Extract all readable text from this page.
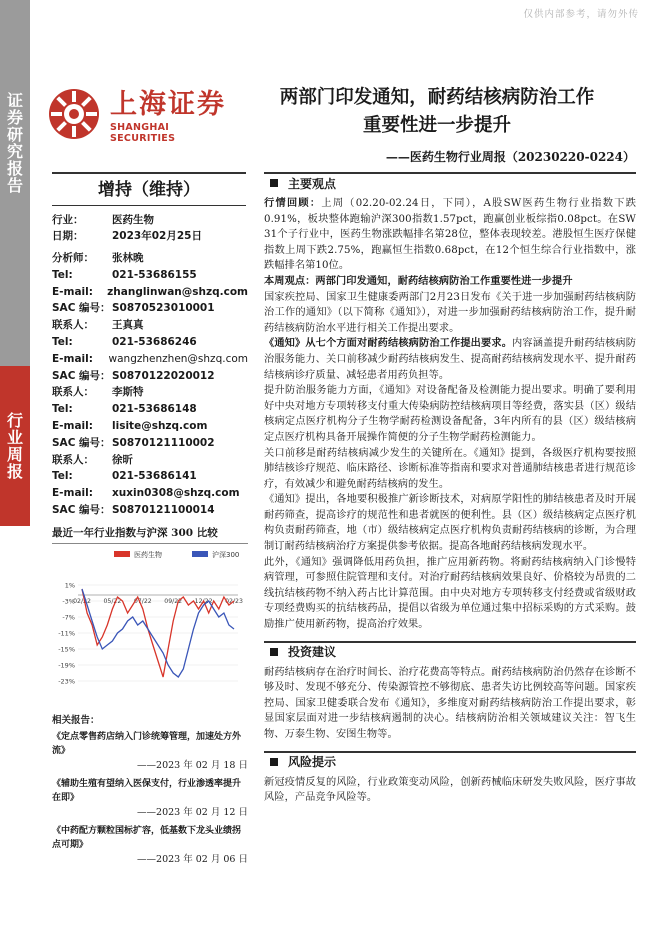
仅供内部参考，请勿外传
证
券
研
究
报
告
行
业
周
报
上海证券
SHANGHAI SECURITIES
两部门印发通知，耐药结核病防治工作
重要性进一步提升
——医药生物行业周报（20230220-0224）
增持（维持）
行业：	医药生物
日期：	2023年02月25日
分析师：	张林晚
Tel:	021-53686155
E-mail:	zhanglinwan@shzq.com
SAC 编号： S0870523010001
联系人：	王真真
Tel:	021-53686246
E-mail:	wangzhenzhen@shzq.com
SAC 编号： S0870122020012
联系人：	李斯特
Tel:	021-53686148
E-mail:	lisite@shzq.com
SAC 编号： S0870121110002
联系人：	徐昕
Tel:	021-53686141
E-mail:	xuxin0308@shzq.com
SAC 编号： S0870121100014
最近一年行业指数与沪深 300 比较
医药生物	沪深300
1%
-3%
-7%
-11%
-15%
-19%
-23%
02/22 05/22 07/22 09/22 12/22 02/23
相关报告：
《定点零售药店纳入门诊统筹管理，加速处方外流》
——2023 年 02 月 18 日
《辅助生殖有望纳入医保支付，行业渗透率提升在即》
——2023 年 02 月 12 日
《中药配方颗粒国标扩容，低基数下龙头业绩拐点可期》
——2023 年 02 月 06 日
主要观点

行情回顾：上周（02.20-02.24日，下同），A股SW医药生物行业指数下跌0.91%，板块整体跑输沪深300指数1.57pct，跑赢创业板综指0.08pct。在SW 31个子行业中，医药生物涨跌幅排名第28位，整体表现较差。港股恒生医疗保健指数上周下跌2.75%，跑赢恒生指数0.68pct，在12个恒生综合行业指数中，涨跌幅排名第10位。

本周观点：两部门印发通知，耐药结核病防治工作重要性进一步提升

国家疾控局、国家卫生健康委两部门2月23日发布《关于进一步加强耐药结核病防治工作的通知》（以下简称《通知》），对进一步加强耐药结核病防治工作，提升耐药结核病防治水平进行相关工作提出要求。

《通知》从七个方面对耐药结核病防治工作提出要求。内容涵盖提升耐药结核病防治服务能力、关口前移减少耐药结核病发生、提高耐药结核病发现水平、提升耐药结核病诊疗质量、减轻患者用药负担等。

提升防治服务能力方面，《通知》对设备配备及检测能力提出要求。明确了要利用好中央对地方专项转移支付重大传染病防控结核病项目等经费，落实县（区）级结核病定点医疗机构分子生物学耐药检测设备配备，3年内所有的县（区）级结核病定点医疗机构具备开展操作简便的分子生物学耐药检测能力。

关口前移是耐药结核病减少发生的关键所在。《通知》提到，各级医疗机构要按照肺结核诊疗规范、临床路径、诊断标准等指南和要求对普通肺结核患者进行规范诊疗，有效减少和避免耐药结核病的发生。

《通知》提出，各地要积极推广新诊断技术，对病原学阳性的肺结核患者及时开展耐药筛查，提高诊疗的规范性和患者就医的便利性。县（区）级结核病定点医疗机构负责耐药筛查，地（市）级结核病定点医疗机构负责耐药结核病的诊断，为合理制订耐药结核病治疗方案提供参考依据。提高各地耐药结核病发现水平。

此外，《通知》强调降低用药负担，推广应用新药物。将耐药结核病纳入门诊慢特病管理，可参照住院管理和支付。对治疗耐药结核病效果良好、价格较为昂贵的二线抗结核药物不纳入药占比计算范围。由中央对地方专项转移支付经费或省级财政专项经费购买的抗结核药品，提倡以省级为单位通过集中招标采购的方式采购。鼓励推广使用新药物，提高治疗效果。

投资建议

耐药结核病存在治疗时间长、治疗花费高等特点。耐药结核病防治仍然存在诊断不够及时、发现不够充分、传染源管控不够彻底、患者失访比例较高等问题。国家疾控局、国家卫健委联合发布《通知》，多维度对耐药结核病防治工作提出要求，彰显国家层面对进一步结核病遏制的决心。结核病防治相关领域建议关注：智飞生物、万泰生物、安图生物等。

风险提示

新冠疫情反复的风险，行业政策变动风险，创新药械临床研发失败风险，医疗事故风险，产品竞争风险等。
